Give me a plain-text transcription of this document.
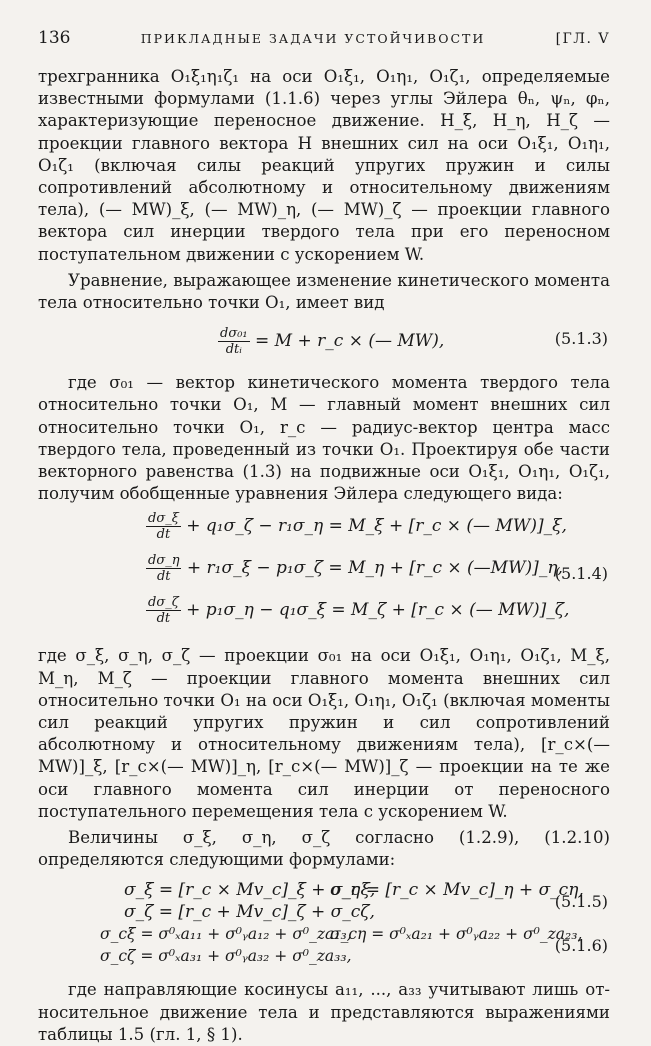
136	ПРИКЛАДНЫЕ ЗАДАЧИ УСТОЙЧИВОСТИ	[ГЛ. V

трехгранника O₁ξ₁η₁ζ₁ на оси O₁ξ₁, O₁η₁, O₁ζ₁, определяемые известными формулами (1.1.6) через углы Эйлера θₙ, ψₙ, φₙ, характеризующие переносное движение. H_ξ, H_η, H_ζ — проекции главного вектора H внешних сил на оси O₁ξ₁, O₁η₁, O₁ζ₁ (включая силы реакций упругих пружин и силы сопротивлений абсолютному и относительному движениям тела), (— MW)_ξ, (— MW)_η, (— MW)_ζ — проекции главного вектора сил инерции твердого тела при его переносном поступательном движении с ускорением W.

Уравнение, выражающее изменение кинетического момента тела относительно точки O₁, имеет вид

$\frac{\text{dσ₀₁}}{\text{dtᵢ}} = M$ + r_c × (— MW),	(5.1.3)

где σ₀₁ — вектор кинетического момента твердого тела относительно точки O₁, M — главный момент внешних сил относительно точки O₁, r_c — радиус-вектор центра масс твердого тела, проведенный из точки O₁. Проектируя обе части векторного равенства (1.3) на подвижные оси O₁ξ₁, O₁η₁, O₁ζ₁, получим обобщенные уравнения Эйлера следующего вида:

$\frac{d\sigma\_\xi}{dt}$ + q₁σ_ζ − r₁σ_η = M_ξ + [r_c × (— MW)]_ξ,
$\frac{d\sigma\_\eta}{dt}$ + r₁σ_ξ − p₁σ_ζ = M_η + [r_c × (—MW)]_η,
$\frac{d\sigma\_\zeta}{dt}$ + p₁σ_η − q₁σ_ξ = M_ζ + [r_c × (— MW)]_ζ,
(5.1.4)

где σ_ξ, σ_η, σ_ζ — проекции σ₀₁ на оси O₁ξ₁, O₁η₁, O₁ζ₁, M_ξ, M_η, M_ζ — проекции главного момента внешних сил относительно точки O₁ на оси O₁ξ₁, O₁η₁, O₁ζ₁ (включая моменты сил реакций упругих пружин и сил сопротивлений абсолютному и относительному движениям тела), [r_c×(— MW)]_ξ, [r_c×(— MW)]_η, [r_c×(— MW)]_ζ — проекции на те же оси главного момента сил инерции от переносного поступательного перемещения тела с ускорением W.

Величины σ_ξ, σ_η, σ_ζ согласно (1.2.9), (1.2.10) определяются следующими формулами:

σ_ξ = [r_c × Mv_c]_ξ + σ_cξ,
σ_η = [r_c × Mv_c]_η + σ_cη,
σ_ζ = [r_c + Mv_c]_ζ + σ_cζ,
(5.1.5)
σ_cξ = σ⁰ₓa₁₁ + σ⁰ᵧa₁₂ + σ⁰_za₁₃,
σ_cη = σ⁰ₓa₂₁ + σ⁰ᵧa₂₂ + σ⁰_za₂₃,
σ_cζ = σ⁰ₓa₃₁ + σ⁰ᵧa₃₂ + σ⁰_za₃₃,
(5.1.6)

где направляющие косинусы a₁₁, ..., a₃₃ учитывают лишь относительное движение тела и представляются выражениями таблицы 1.5 (гл. 1, § 1).
